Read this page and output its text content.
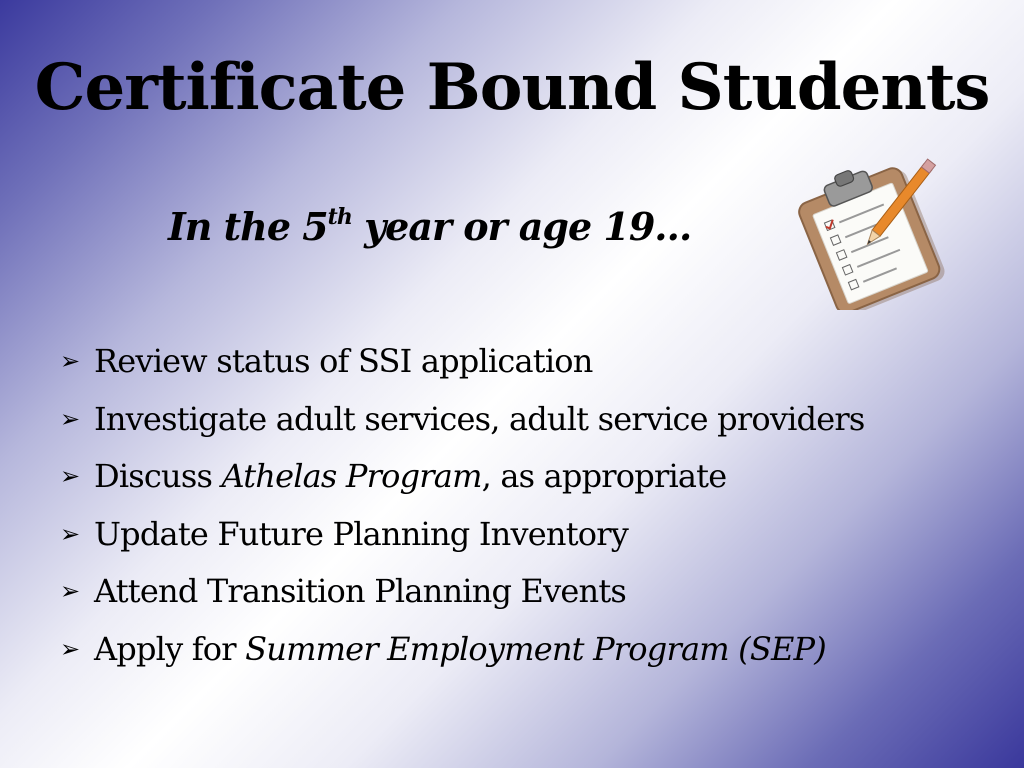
Certificate Bound Students
In the 5th year or age 19…
➢ Review status of SSI application
➢ Investigate adult services, adult service providers
➢ Discuss Athelas Program, as appropriate
➢ Update Future Planning Inventory
➢ Attend Transition Planning Events
➢ Apply for Summer Employment Program (SEP)
